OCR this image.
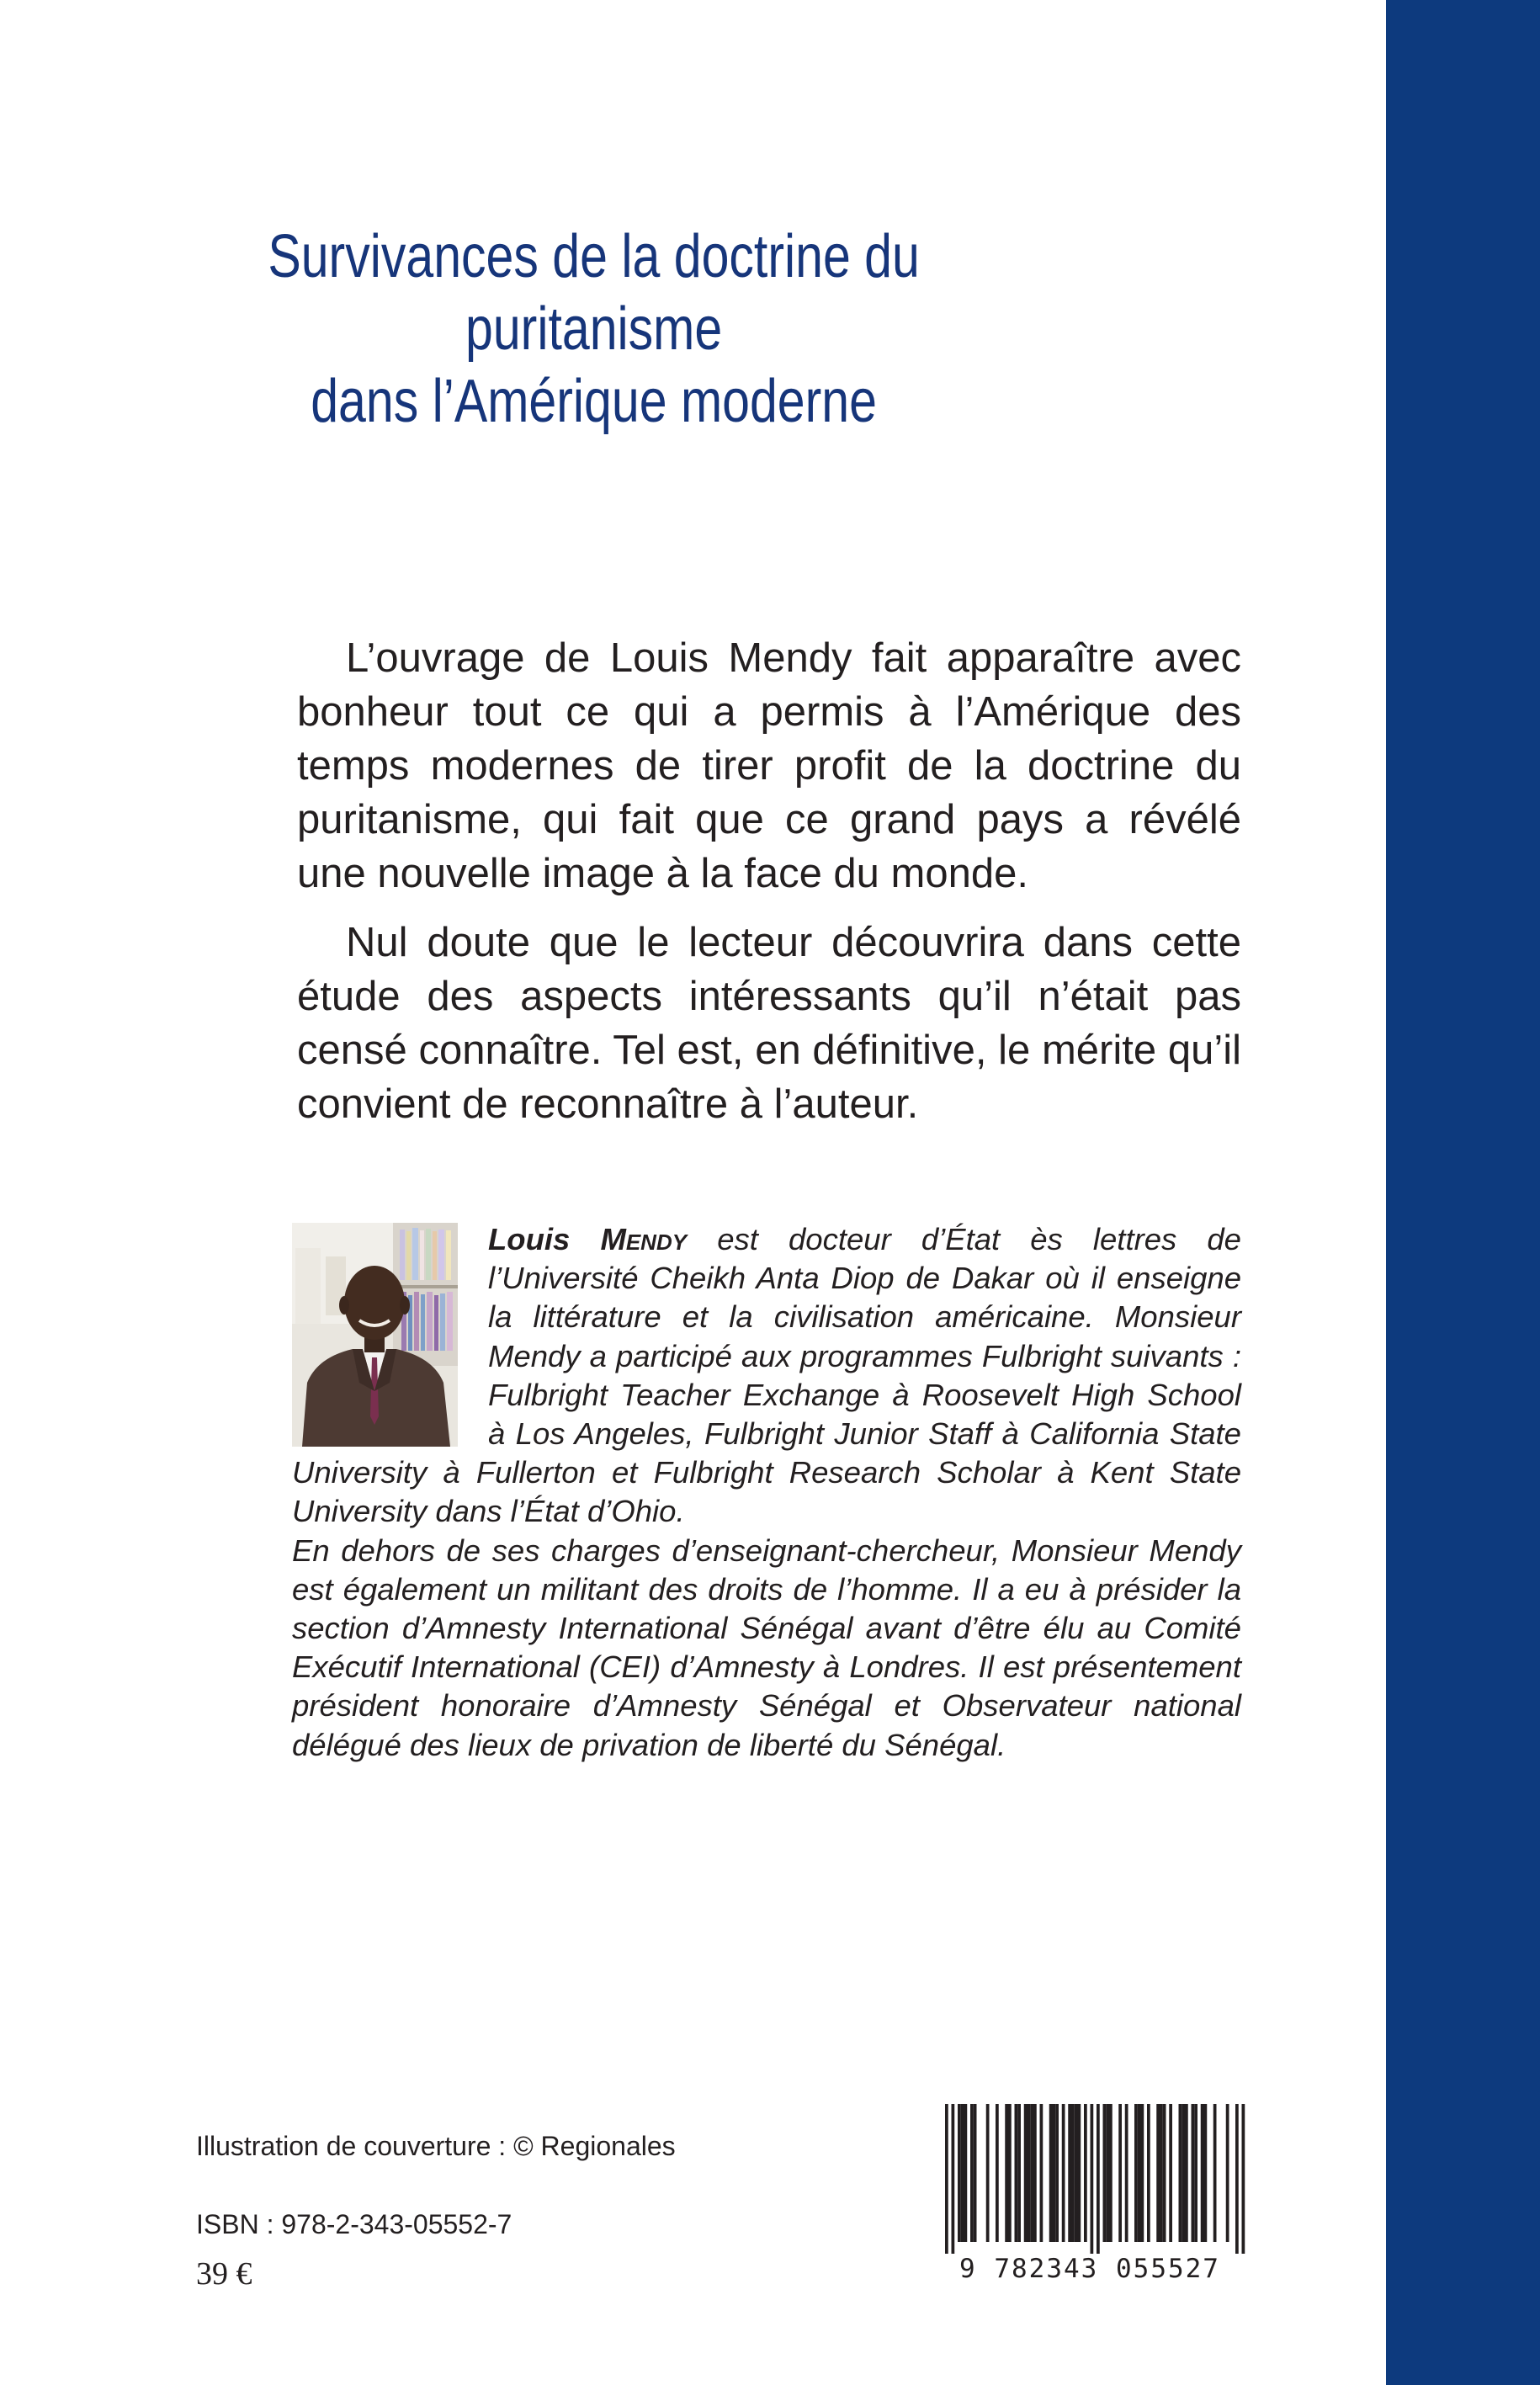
Survivances de la doctrine du puritanisme
dans l’Amérique moderne

L’ouvrage de Louis Mendy fait apparaître avec bonheur tout ce qui a permis à l’Amérique des temps modernes de tirer profit de la doctrine du puritanisme, qui fait que ce grand pays a révélé une nouvelle image à la face du monde.

Nul doute que le lecteur découvrira dans cette étude des aspects intéressants qu’il n’était pas censé connaître. Tel est, en définitive, le mérite qu’il convient de reconnaître à l’auteur.

Louis Mendy est docteur d’État ès lettres de l’Université Cheikh Anta Diop de Dakar où il enseigne la littérature et la civilisation américaine. Monsieur Mendy a participé aux programmes Fulbright suivants : Fulbright Teacher Exchange à Roosevelt High School à Los Angeles, Fulbright Junior Staff à California State University à Fullerton et Fulbright Research Scholar à Kent State University dans l’État d’Ohio.

En dehors de ses charges d’enseignant-chercheur, Monsieur Mendy est également un militant des droits de l’homme. Il a eu à présider la section d’Amnesty International Sénégal avant d’être élu au Comité Exécutif International (CEI) d’Amnesty à Londres. Il est présentement président honoraire d’Amnesty Sénégal et Observateur national délégué des lieux de privation de liberté du Sénégal.

Illustration de couverture : © Regionales
ISBN : 978-2-343-05552-7
39 €	9 782343 055527
